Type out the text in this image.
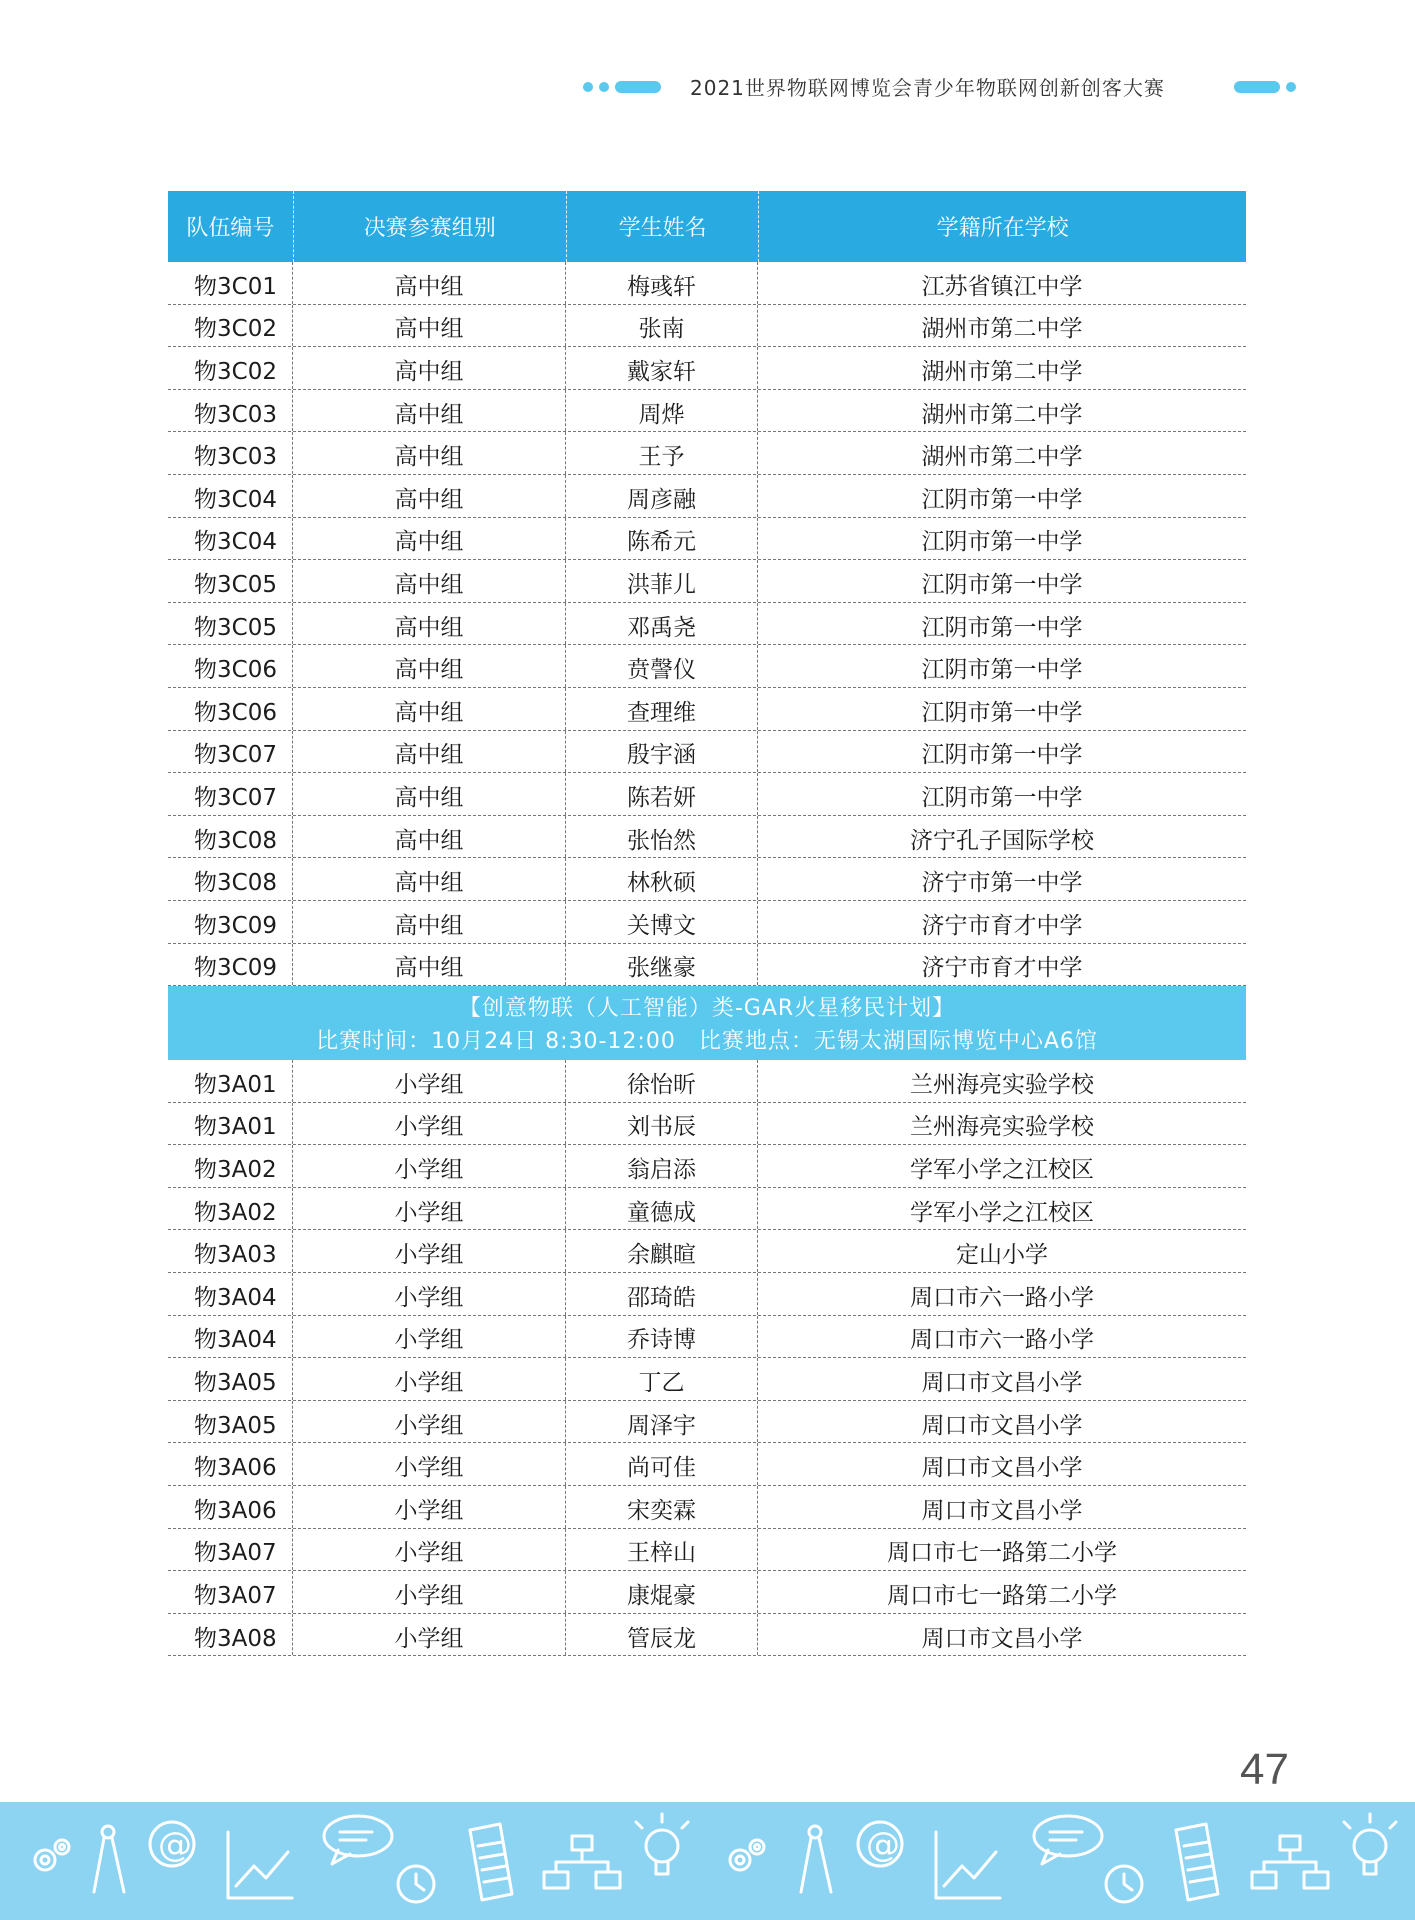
2021世界物联网博览会青少年物联网创新创客大赛
队伍编号	决赛参赛组别	学生姓名	学籍所在学校
物3C01	高中组	梅彧轩	江苏省镇江中学
物3C02	高中组	张南	湖州市第二中学
物3C02	高中组	戴家轩	湖州市第二中学
物3C03	高中组	周烨	湖州市第二中学
物3C03	高中组	王予	湖州市第二中学
物3C04	高中组	周彦融	江阴市第一中学
物3C04	高中组	陈希元	江阴市第一中学
物3C05	高中组	洪菲儿	江阴市第一中学
物3C05	高中组	邓禹尧	江阴市第一中学
物3C06	高中组	贲謦仪	江阴市第一中学
物3C06	高中组	查理维	江阴市第一中学
物3C07	高中组	殷宇涵	江阴市第一中学
物3C07	高中组	陈若妍	江阴市第一中学
物3C08	高中组	张怡然	济宁孔子国际学校
物3C08	高中组	林秋硕	济宁市第一中学
物3C09	高中组	关博文	济宁市育才中学
物3C09	高中组	张继豪	济宁市育才中学
【创意物联（人工智能）类-GAR火星移民计划】
比赛时间：10月24日 8:30-12:00　比赛地点：无锡太湖国际博览中心A6馆
物3A01	小学组	徐怡昕	兰州海亮实验学校
物3A01	小学组	刘书辰	兰州海亮实验学校
物3A02	小学组	翁启添	学军小学之江校区
物3A02	小学组	童德成	学军小学之江校区
物3A03	小学组	余麒暄	定山小学
物3A04	小学组	邵琦皓	周口市六一路小学
物3A04	小学组	乔诗博	周口市六一路小学
物3A05	小学组	丁乙	周口市文昌小学
物3A05	小学组	周泽宇	周口市文昌小学
物3A06	小学组	尚可佳	周口市文昌小学
物3A06	小学组	宋奕霖	周口市文昌小学
物3A07	小学组	王梓山	周口市七一路第二小学
物3A07	小学组	康焜豪	周口市七一路第二小学
物3A08	小学组	管辰龙	周口市文昌小学
47
@	@
